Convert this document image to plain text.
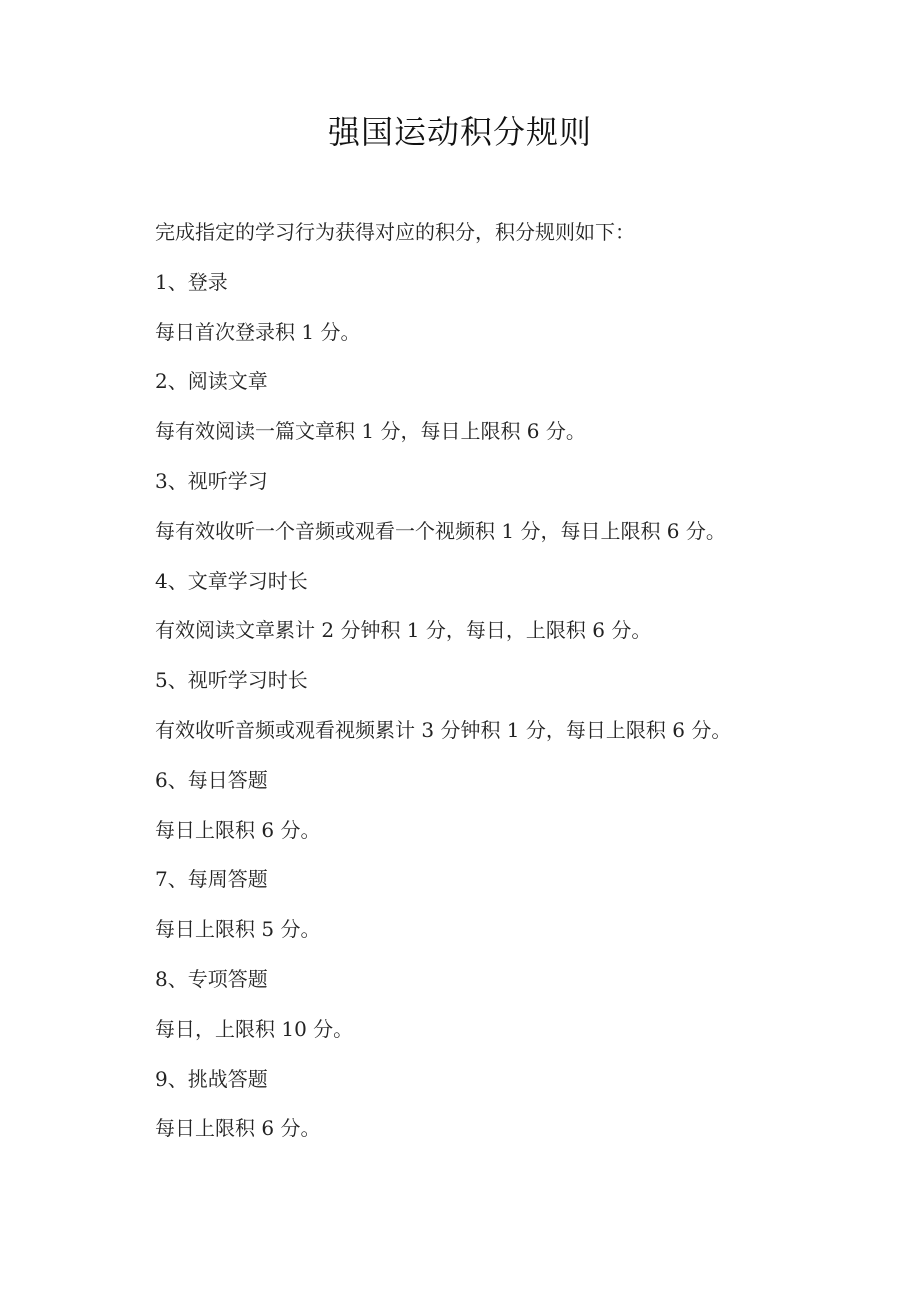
强国运动积分规则
完成指定的学习行为获得对应的积分，积分规则如下：
1、登录
每日首次登录积 1 分。
2、阅读文章
每有效阅读一篇文章积 1 分，每日上限积 6 分。
3、视听学习
每有效收听一个音频或观看一个视频积 1 分，每日上限积 6 分。
4、文章学习时长
有效阅读文章累计 2 分钟积 1 分，每日，上限积 6 分。
5、视听学习时长
有效收听音频或观看视频累计 3 分钟积 1 分，每日上限积 6 分。
6、每日答题
每日上限积 6 分。
7、每周答题
每日上限积 5 分。
8、专项答题
每日，上限积 10 分。
9、挑战答题
每日上限积 6 分。
